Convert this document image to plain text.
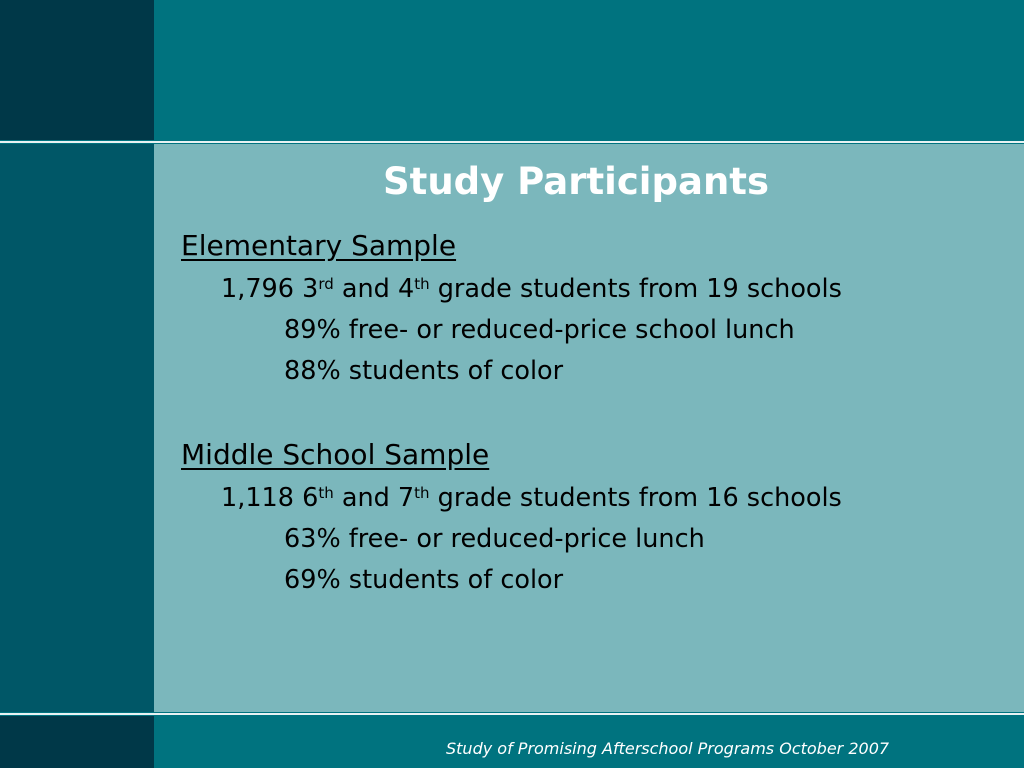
Study Participants
Elementary Sample
1,796 3rd and 4th grade students from 19 schools
89% free- or reduced-price school lunch
88% students of color
Middle School Sample
1,118 6th and 7th grade students from 16 schools
63% free- or reduced-price lunch
69% students of color
Study of Promising Afterschool Programs October 2007
